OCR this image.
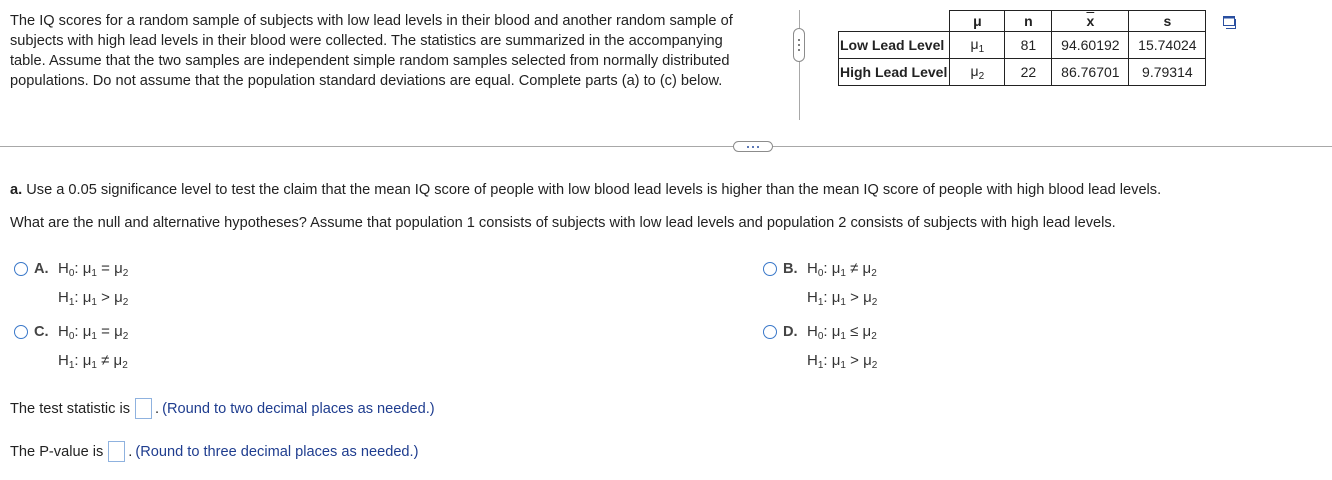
The IQ scores for a random sample of subjects with low lead levels in their blood and another random sample of subjects with high lead levels in their blood were collected. The statistics are summarized in the accompanying table. Assume that the two samples are independent simple random samples selected from normally distributed populations. Do not assume that the population standard deviations are equal. Complete parts (a) to (c) below.
	μ	n	$\overline{x}$	s
Low Lead Level	$\mu_1$	81	94.60192	15.74024
High Lead Level	$\mu_2$	22	86.76701	9.79314
a. Use a 0.05 significance level to test the claim that the mean IQ score of people with low blood lead levels is higher than the mean IQ score of people with high blood lead levels.
What are the null and alternative hypotheses? Assume that population 1 consists of subjects with low lead levels and population 2 consists of subjects with high lead levels.
A. $H_0$: $\mu_1 = \mu_2$
$H_1$: $\mu_1 > \mu_2$
B. $H_0$: $\mu_1 \ne \mu_2$
$H_1$: $\mu_1 > \mu_2$
C. $H_0$: $\mu_1 = \mu_2$
$H_1$: $\mu_1 \ne \mu_2$
D. $H_0$: $\mu_1 \le \mu_2$
$H_1$: $\mu_1 > \mu_2$
The test statistic is . (Round to two decimal places as needed.)
The P-value is . (Round to three decimal places as needed.)
